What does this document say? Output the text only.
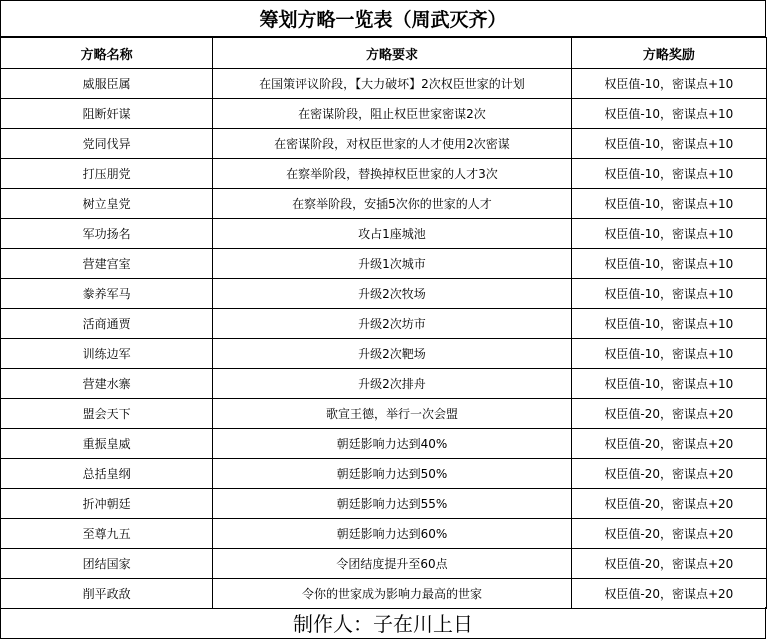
筹划方略一览表（周武灭齐）
方略名称	方略要求	方略奖励
威服臣属	在国策评议阶段，【大力破坏】2次权臣世家的计划	权臣值-10，密谋点+10
阻断奸谋	在密谋阶段，阻止权臣世家密谋2次	权臣值-10，密谋点+10
党同伐异	在密谋阶段，对权臣世家的人才使用2次密谋	权臣值-10，密谋点+10
打压朋党	在察举阶段，替换掉权臣世家的人才3次	权臣值-10，密谋点+10
树立皇党	在察举阶段，安插5次你的世家的人才	权臣值-10，密谋点+10
军功扬名	攻占1座城池	权臣值-10，密谋点+10
营建宫室	升级1次城市	权臣值-10，密谋点+10
豢养军马	升级2次牧场	权臣值-10，密谋点+10
活商通贾	升级2次坊市	权臣值-10，密谋点+10
训练边军	升级2次靶场	权臣值-10，密谋点+10
营建水寨	升级2次排舟	权臣值-10，密谋点+10
盟会天下	歌宣王德，举行一次会盟	权臣值-20，密谋点+20
重振皇威	朝廷影响力达到40%	权臣值-20，密谋点+20
总括皇纲	朝廷影响力达到50%	权臣值-20，密谋点+20
折冲朝廷	朝廷影响力达到55%	权臣值-20，密谋点+20
至尊九五	朝廷影响力达到60%	权臣值-20，密谋点+20
团结国家	令团结度提升至60点	权臣值-20，密谋点+20
削平政敌	令你的世家成为影响力最高的世家	权臣值-20，密谋点+20
制作人：子在川上日
